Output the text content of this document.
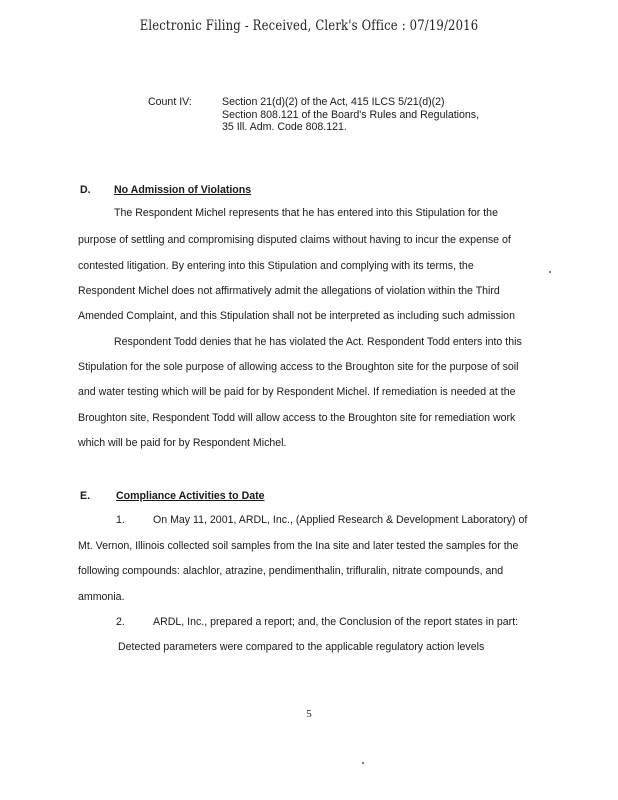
Electronic Filing - Received, Clerk's Office : 07/19/2016
Count IV:	Section 21(d)(2) of the Act, 415 ILCS 5/21(d)(2)
Section 808.121 of the Board's Rules and Regulations,
35 Ill. Adm. Code 808.121.
D. No Admission of Violations
The Respondent Michel represents that he has entered into this Stipulation for the
purpose of settling and compromising disputed claims without having to incur the expense of
contested litigation. By entering into this Stipulation and complying with its terms, the
Respondent Michel does not affirmatively admit the allegations of violation within the Third
Amended Complaint, and this Stipulation shall not be interpreted as including such admission
Respondent Todd denies that he has violated the Act. Respondent Todd enters into this
Stipulation for the sole purpose of allowing access to the Broughton site for the purpose of soil
and water testing which will be paid for by Respondent Michel. If remediation is needed at the
Broughton site, Respondent Todd will allow access to the Broughton site for remediation work
which will be paid for by Respondent Michel.
E. Compliance Activities to Date
1.	On May 11, 2001, ARDL, Inc., (Applied Research & Development Laboratory) of
Mt. Vernon, Illinois collected soil samples from the Ina site and later tested the samples for the
following compounds: alachlor, atrazine, pendimenthalin, trifluralin, nitrate compounds, and
ammonia.
2.	ARDL, Inc., prepared a report; and, the Conclusion of the report states in part:
Detected parameters were compared to the applicable regulatory action levels
5
